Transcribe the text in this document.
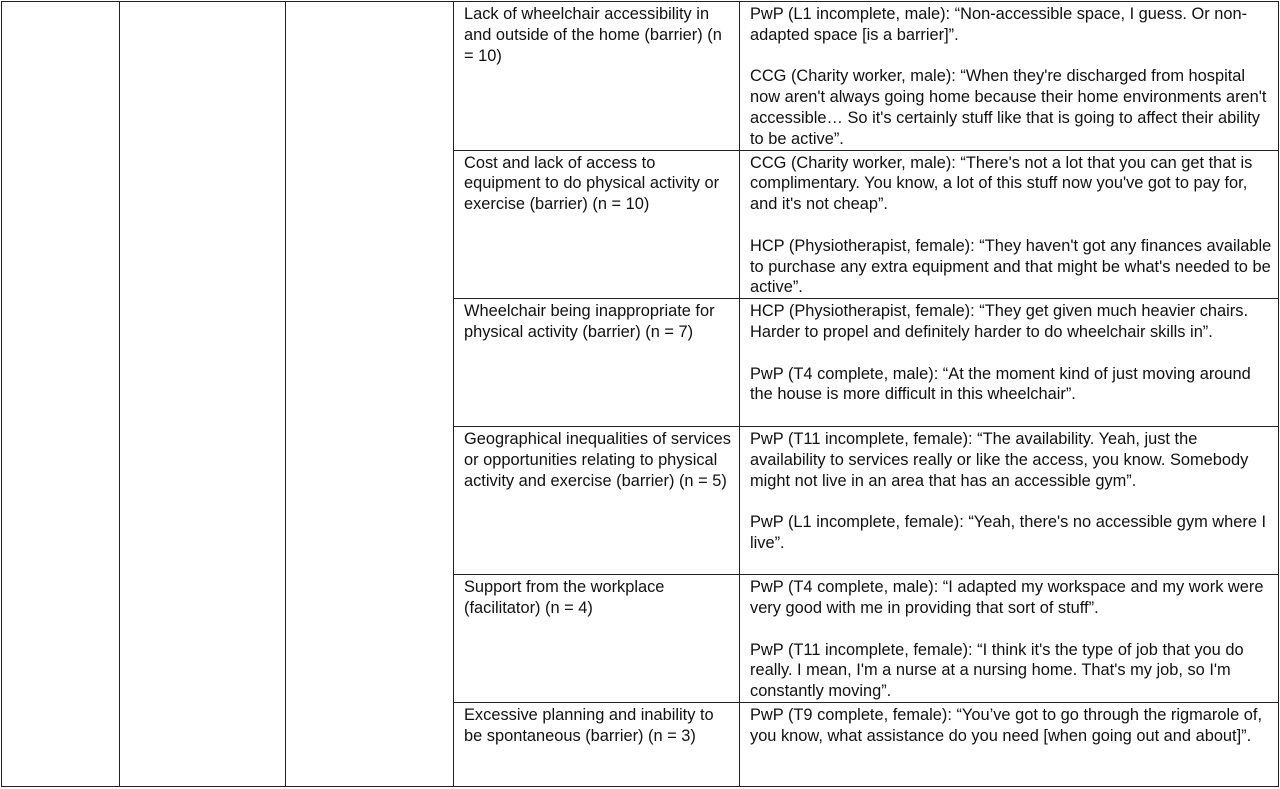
			Lack of wheelchair accessibility in and outside of the home (barrier) (n = 10)	PwP (L1 incomplete, male): “Non-accessible space, I guess. Or non-adapted space [is a barrier]”.

CCG (Charity worker, male): “When they're discharged from hospital now aren't always going home because their home environments aren't accessible… So it's certainly stuff like that is going to affect their ability to be active”.

			Cost and lack of access to equipment to do physical activity or exercise (barrier) (n = 10)	CCG (Charity worker, male): “There's not a lot that you can get that is complimentary. You know, a lot of this stuff now you've got to pay for, and it's not cheap”.

HCP (Physiotherapist, female): “They haven't got any finances available to purchase any extra equipment and that might be what's needed to be active”.

			Wheelchair being inappropriate for physical activity (barrier) (n = 7)	HCP (Physiotherapist, female): “They get given much heavier chairs. Harder to propel and definitely harder to do wheelchair skills in”.

PwP (T4 complete, male): “At the moment kind of just moving around the house is more difficult in this wheelchair”.

			Geographical inequalities of services or opportunities relating to physical activity and exercise (barrier) (n = 5)	PwP (T11 incomplete, female): “The availability. Yeah, just the availability to services really or like the access, you know. Somebody might not live in an area that has an accessible gym”.

PwP (L1 incomplete, female): “Yeah, there's no accessible gym where I live”.

			Support from the workplace (facilitator) (n = 4)	PwP (T4 complete, male): “I adapted my workspace and my work were very good with me in providing that sort of stuff”.

PwP (T11 incomplete, female): “I think it's the type of job that you do really. I mean, I'm a nurse at a nursing home. That's my job, so I'm constantly moving”.

			Excessive planning and inability to be spontaneous (barrier) (n = 3)	PwP (T9 complete, female): “You’ve got to go through the rigmarole of, you know, what assistance do you need [when going out and about]”.
